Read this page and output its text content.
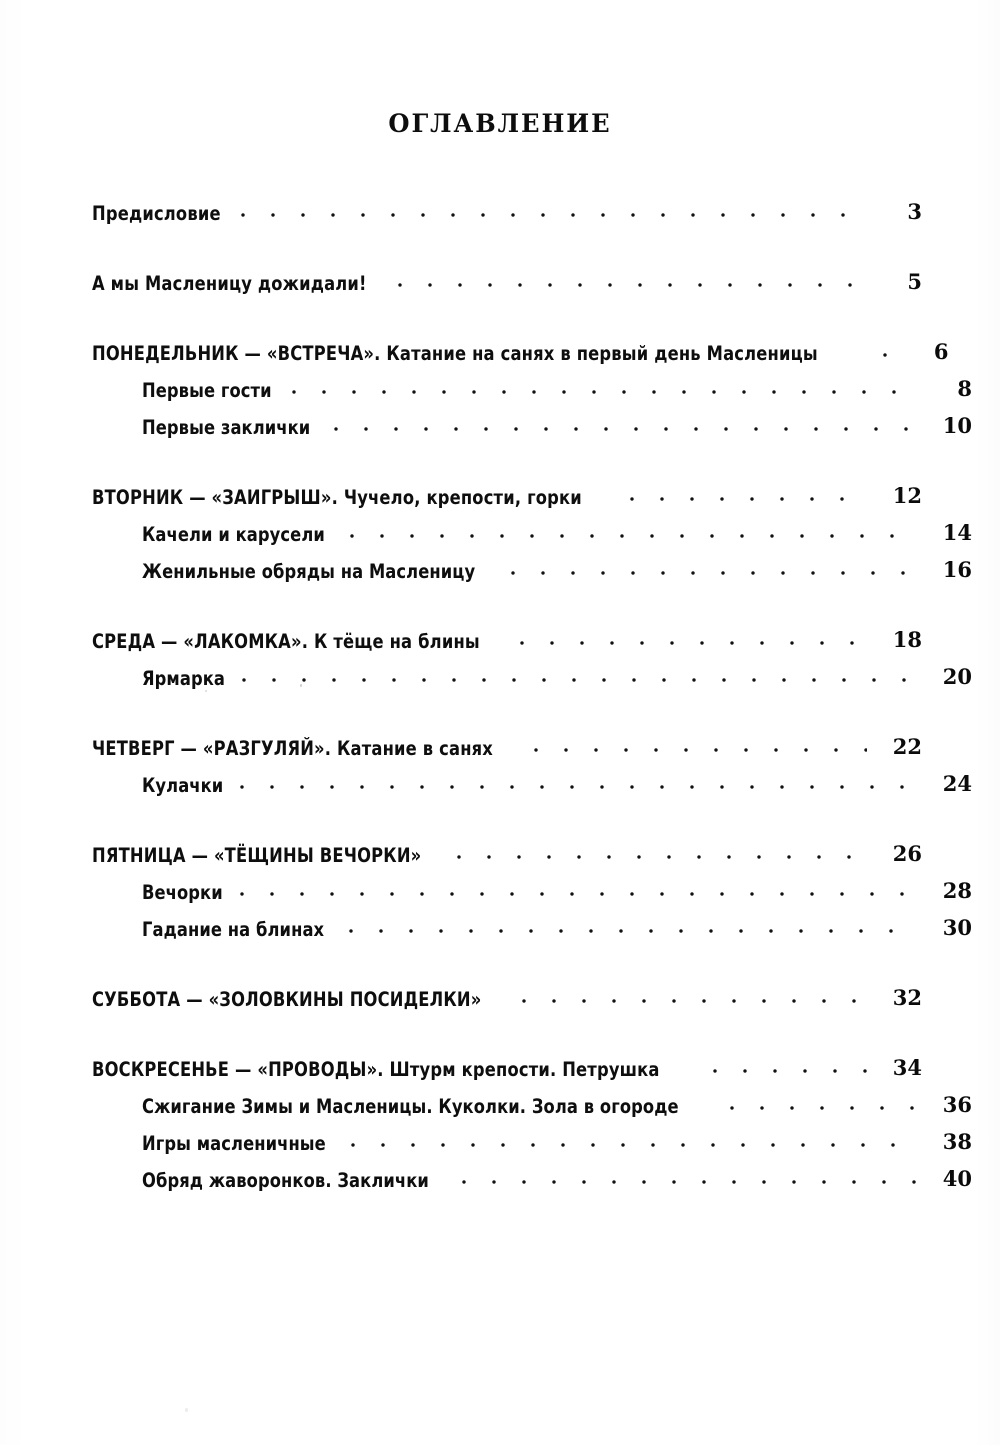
оглавление
Предисловие	3
А мы Масленицу дожидали!	5
ПОНЕДЕЛЬНИК — «ВСТРЕЧА». Катание на санях в первый день Масленицы	6
Первые гости	8
Первые заклички	10
ВТОРНИК — «ЗАИГРЫШ». Чучело, крепости, горки	12
Качели и карусели	14
Женильные обряды на Масленицу	16
СРЕДА — «ЛАКОМКА». К тёще на блины	18
Ярмарка	20
ЧЕТВЕРГ — «РАЗГУЛЯЙ». Катание в санях	22
Кулачки	24
ПЯТНИЦА — «ТЁЩИНЫ ВЕЧОРКИ»	26
Вечорки	28
Гадание на блинах	30
СУББОТА — «ЗОЛОВКИНЫ ПОСИДЕЛКИ»	32
ВОСКРЕСЕНЬЕ — «ПРОВОДЫ». Штурм крепости. Петрушка	34
Сжигание Зимы и Масленицы. Куколки. Зола в огороде	36
Игры масленичные	38
Обряд жаворонков. Заклички	40
